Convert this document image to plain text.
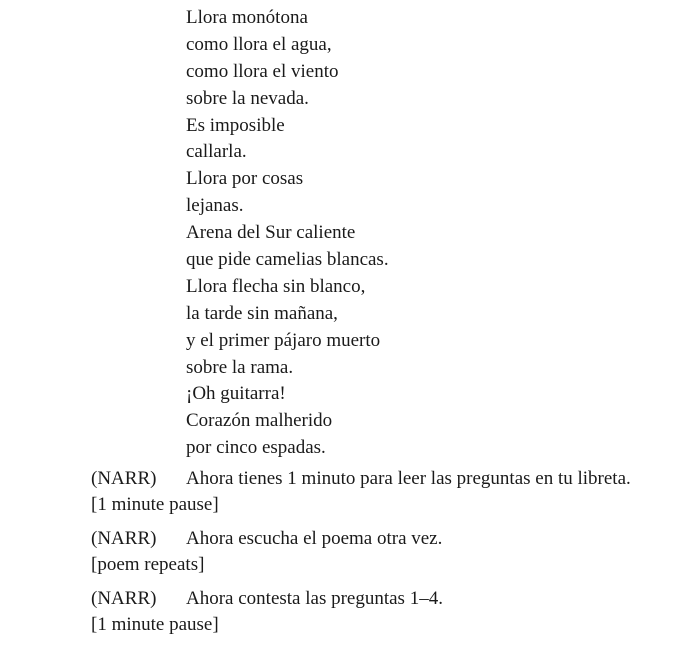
Llora monótona
como llora el agua,
como llora el viento
sobre la nevada.
Es imposible
callarla.
Llora por cosas
lejanas.
Arena del Sur caliente
que pide camelias blancas.
Llora flecha sin blanco,
la tarde sin mañana,
y el primer pájaro muerto
sobre la rama.
¡Oh guitarra!
Corazón malherido
por cinco espadas.
(NARR)	Ahora tienes 1 minuto para leer las preguntas en tu libreta.
[1 minute pause]
(NARR)	Ahora escucha el poema otra vez.
[poem repeats]
(NARR)	Ahora contesta las preguntas 1–4.
[1 minute pause]
